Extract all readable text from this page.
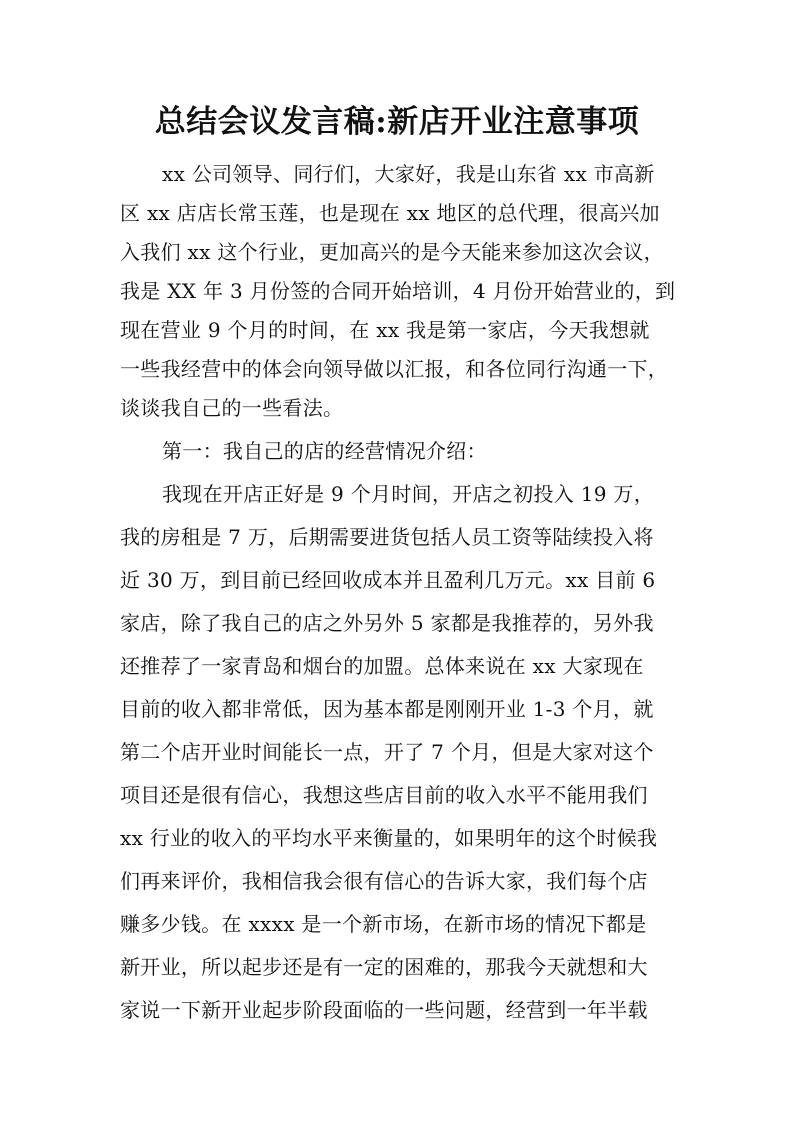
总结会议发言稿:新店开业注意事项
xx 公司领导、同行们，大家好，我是山东省 xx 市高新
区 xx 店店长常玉莲，也是现在 xx 地区的总代理，很高兴加
入我们 xx 这个行业，更加高兴的是今天能来参加这次会议，
我是 XX 年 3 月份签的合同开始培训，4 月份开始营业的，到
现在营业 9 个月的时间，在 xx 我是第一家店，今天我想就
一些我经营中的体会向领导做以汇报，和各位同行沟通一下，
谈谈我自己的一些看法。
第一：我自己的店的经营情况介绍：
我现在开店正好是 9 个月时间，开店之初投入 19 万，
我的房租是 7 万，后期需要进货包括人员工资等陆续投入将
近 30 万，到目前已经回收成本并且盈利几万元。xx 目前 6
家店，除了我自己的店之外另外 5 家都是我推荐的，另外我
还推荐了一家青岛和烟台的加盟。总体来说在 xx 大家现在
目前的收入都非常低，因为基本都是刚刚开业 1-3 个月，就
第二个店开业时间能长一点，开了 7 个月，但是大家对这个
项目还是很有信心，我想这些店目前的收入水平不能用我们
xx 行业的收入的平均水平来衡量的，如果明年的这个时候我
们再来评价，我相信我会很有信心的告诉大家，我们每个店
赚多少钱。在 xxxx 是一个新市场，在新市场的情况下都是
新开业，所以起步还是有一定的困难的，那我今天就想和大
家说一下新开业起步阶段面临的一些问题，经营到一年半载
